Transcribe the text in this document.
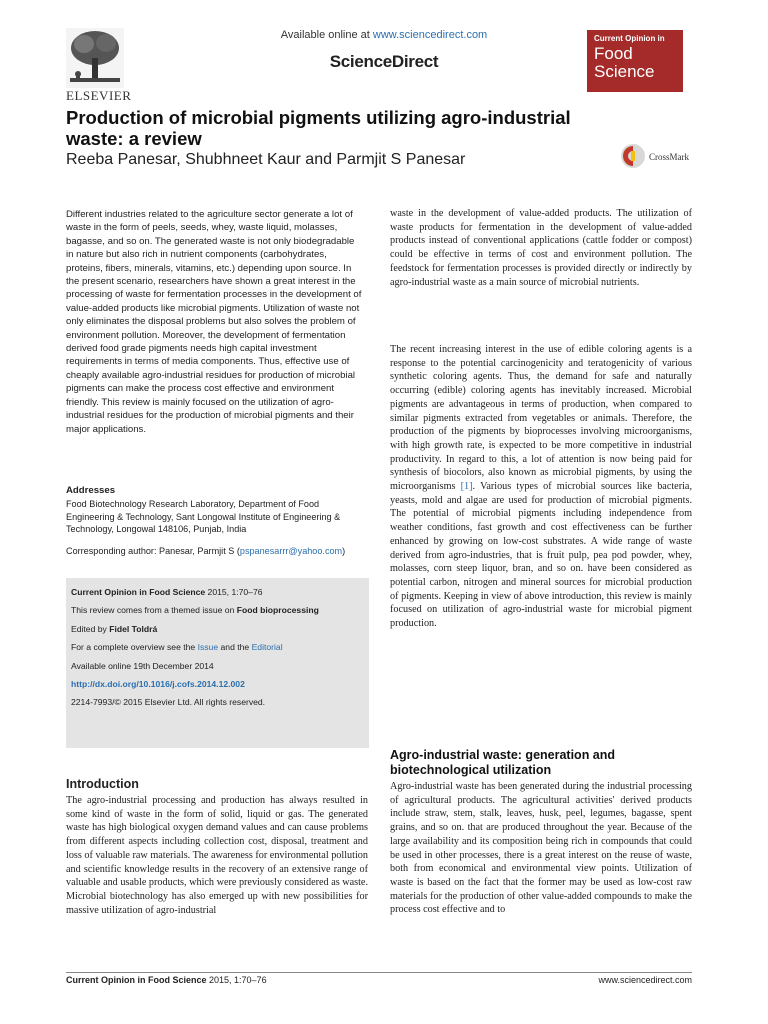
ELSEVIER
Available online at www.sciencedirect.com
ScienceDirect
Current Opinion in
Food
Science
Production of microbial pigments utilizing agro-industrial waste: a review
Reeba Panesar, Shubhneet Kaur and Parmjit S Panesar	CrossMark
Different industries related to the agriculture sector generate a lot of waste in the form of peels, seeds, whey, waste liquid, molasses, bagasse, and so on. The generated waste is not only biodegradable in nature but also rich in nutrient components (carbohydrates, proteins, fibers, minerals, vitamins, etc.) depending upon source. In the present scenario, researchers have shown a great interest in the processing of waste for fermentation processes in the development of value-added products like microbial pigments. Utilization of waste not only eliminates the disposal problems but also solves the problem of environment pollution. Moreover, the development of fermentation derived food grade pigments needs high capital investment requirements in terms of media components. Thus, effective use of cheaply available agro-industrial residues for production of microbial pigments can make the process cost effective and environment friendly. This review is mainly focused on the utilization of agro-industrial residues for the production of microbial pigments and their major applications.
Addresses
Food Biotechnology Research Laboratory, Department of Food Engineering & Technology, Sant Longowal Institute of Engineering & Technology, Longowal 148106, Punjab, India
Corresponding author: Panesar, Parmjit S (pspanesarrr@yahoo.com)
Current Opinion in Food Science 2015, 1:70–76
This review comes from a themed issue on Food bioprocessing
Edited by Fidel Toldrá
For a complete overview see the Issue and the Editorial
Available online 19th December 2014
http://dx.doi.org/10.1016/j.cofs.2014.12.002
2214-7993/© 2015 Elsevier Ltd. All rights reserved.
Introduction
The agro-industrial processing and production has always resulted in some kind of waste in the form of solid, liquid or gas. The generated waste has high biological oxygen demand values and can cause problems from different aspects including collection cost, disposal, treatment and loss of valuable raw materials. The awareness for environmental pollution and scientific knowledge results in the recovery of an extensive range of valuable and usable products, which were previously considered as waste. Microbial biotechnology has also emerged up with new possibilities for massive utilization of agro-industrial
waste in the development of value-added products. The utilization of waste products for fermentation in the development of value-added products instead of conventional applications (cattle fodder or compost) could be effective in terms of cost and environment pollution. The feedstock for fermentation processes is provided directly or indirectly by agro-industrial waste as a main source of microbial nutrients.
The recent increasing interest in the use of edible coloring agents is a response to the potential carcinogenicity and teratogenicity of various synthetic coloring agents. Thus, the demand for safe and naturally occurring (edible) coloring agents has inevitably increased. Microbial pigments are advantageous in terms of production, when compared to similar pigments extracted from vegetables or animals. Therefore, the production of the pigments by bioprocesses involving microorganisms, with high growth rate, is expected to be more competitive in industrial productivity. In regard to this, a lot of attention is now being paid for synthesis of biocolors, also known as microbial pigments, by using the microorganisms [1]. Various types of microbial sources like bacteria, yeasts, mold and algae are used for production of microbial pigments. The potential of microbial pigments including independence from weather conditions, fast growth and cost effectiveness can be further enhanced by growing on low-cost substrates. A wide range of waste derived from agro-industries, that is fruit pulp, pea pod powder, whey, molasses, corn steep liquor, bran, and so on. have been considered as potential carbon, nitrogen and mineral sources for microbial production of pigments. Keeping in view of above introduction, this review is mainly focused on utilization of agro-industrial waste for microbial pigment production.
Agro-industrial waste: generation and biotechnological utilization
Agro-industrial waste has been generated during the industrial processing of agricultural products. The agricultural activities' derived products include straw, stem, stalk, leaves, husk, peel, legumes, bagasse, spent grains, and so on. that are produced throughout the year. Because of the large availability and its composition being rich in compounds that could be used in other processes, there is a great interest on the reuse of waste, both from economical and environmental view points. Utilization of waste is based on the fact that the former may be used as low-cost raw materials for the production of other value-added compounds to make the process cost effective and to
Current Opinion in Food Science 2015, 1:70–76	www.sciencedirect.com
